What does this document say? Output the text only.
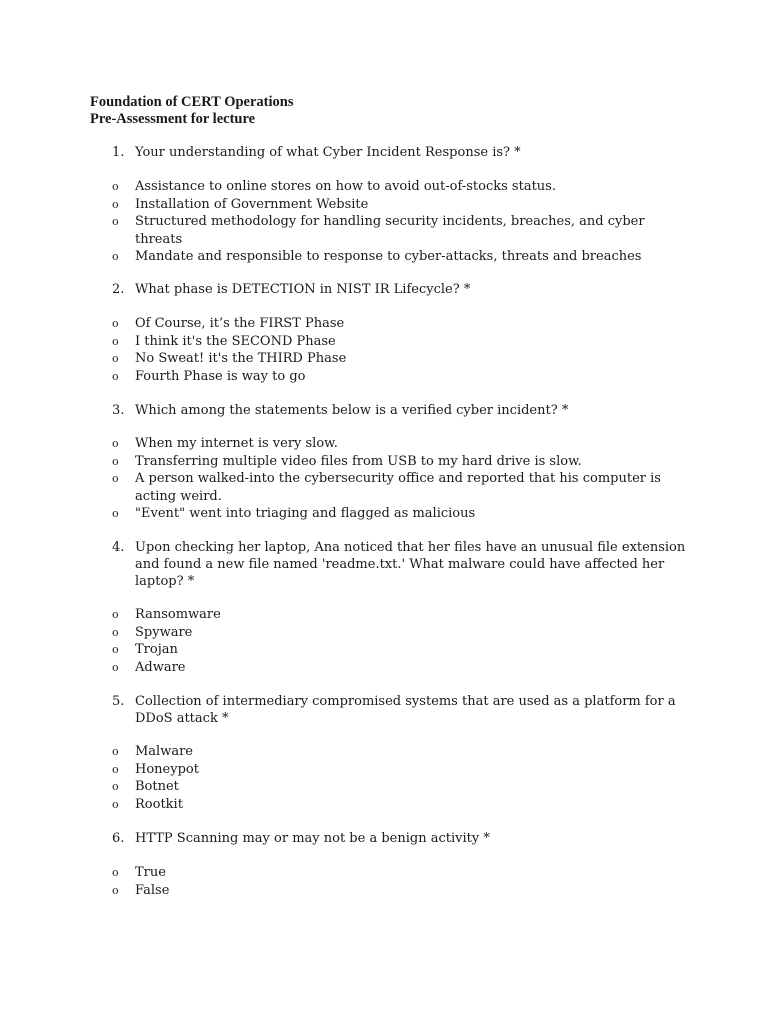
Foundation of CERT Operations
Pre-Assessment for lecture
1. Your understanding of what Cyber Incident Response is? *
o Assistance to online stores on how to avoid out-of-stocks status.
o Installation of Government Website
o Structured methodology for handling security incidents, breaches, and cyber threats
o Mandate and responsible to response to cyber-attacks, threats and breaches
2. What phase is DETECTION in NIST IR Lifecycle? *
o Of Course, it’s the FIRST Phase
o I think it's the SECOND Phase
o No Sweat! it's the THIRD Phase
o Fourth Phase is way to go
3. Which among the statements below is a verified cyber incident? *
o When my internet is very slow.
o Transferring multiple video files from USB to my hard drive is slow.
o A person walked-into the cybersecurity office and reported that his computer is acting weird.
o "Event" went into triaging and flagged as malicious
4. Upon checking her laptop, Ana noticed that her files have an unusual file extension and found a new file named 'readme.txt.' What malware could have affected her laptop? *
o Ransomware
o Spyware
o Trojan
o Adware
5. Collection of intermediary compromised systems that are used as a platform for a DDoS attack *
o Malware
o Honeypot
o Botnet
o Rootkit
6. HTTP Scanning may or may not be a benign activity *
o True
o False
